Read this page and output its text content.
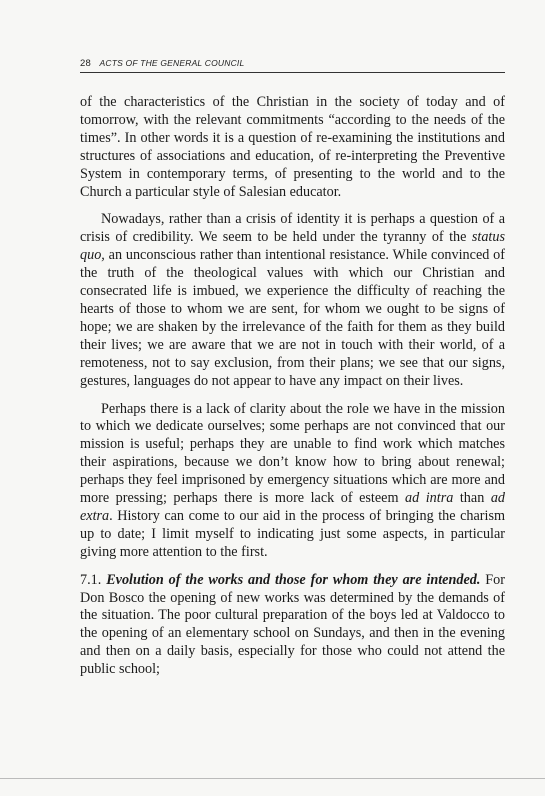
28 ACTS OF THE GENERAL COUNCIL

of the characteristics of the Christian in the society of today and of tomorrow, with the relevant commitments “according to the needs of the times”. In other words it is a question of re-examining the institutions and structures of associations and education, of re-interpreting the Preventive System in contemporary terms, of presenting to the world and to the Church a particular style of Salesian educator.

Nowadays, rather than a crisis of identity it is perhaps a question of a crisis of credibility. We seem to be held under the tyranny of the status quo, an unconscious rather than intentional resistance. While convinced of the truth of the theological values with which our Christian and consecrated life is imbued, we experience the difficulty of reaching the hearts of those to whom we are sent, for whom we ought to be signs of hope; we are shaken by the irrelevance of the faith for them as they build their lives; we are aware that we are not in touch with their world, of a remoteness, not to say exclusion, from their plans; we see that our signs, gestures, languages do not appear to have any impact on their lives.

Perhaps there is a lack of clarity about the role we have in the mission to which we dedicate ourselves; some perhaps are not convinced that our mission is useful; perhaps they are unable to find work which matches their aspirations, because we don’t know how to bring about renewal; perhaps they feel imprisoned by emergency situations which are more and more pressing; perhaps there is more lack of esteem ad intra than ad extra. History can come to our aid in the process of bringing the charism up to date; I limit myself to indicating just some aspects, in particular giving more attention to the first.

7.1. Evolution of the works and those for whom they are intended. For Don Bosco the opening of new works was determined by the demands of the situation. The poor cultural preparation of the boys led at Valdocco to the opening of an elementary school on Sundays, and then in the evening and then on a daily basis, especially for those who could not attend the public school;
